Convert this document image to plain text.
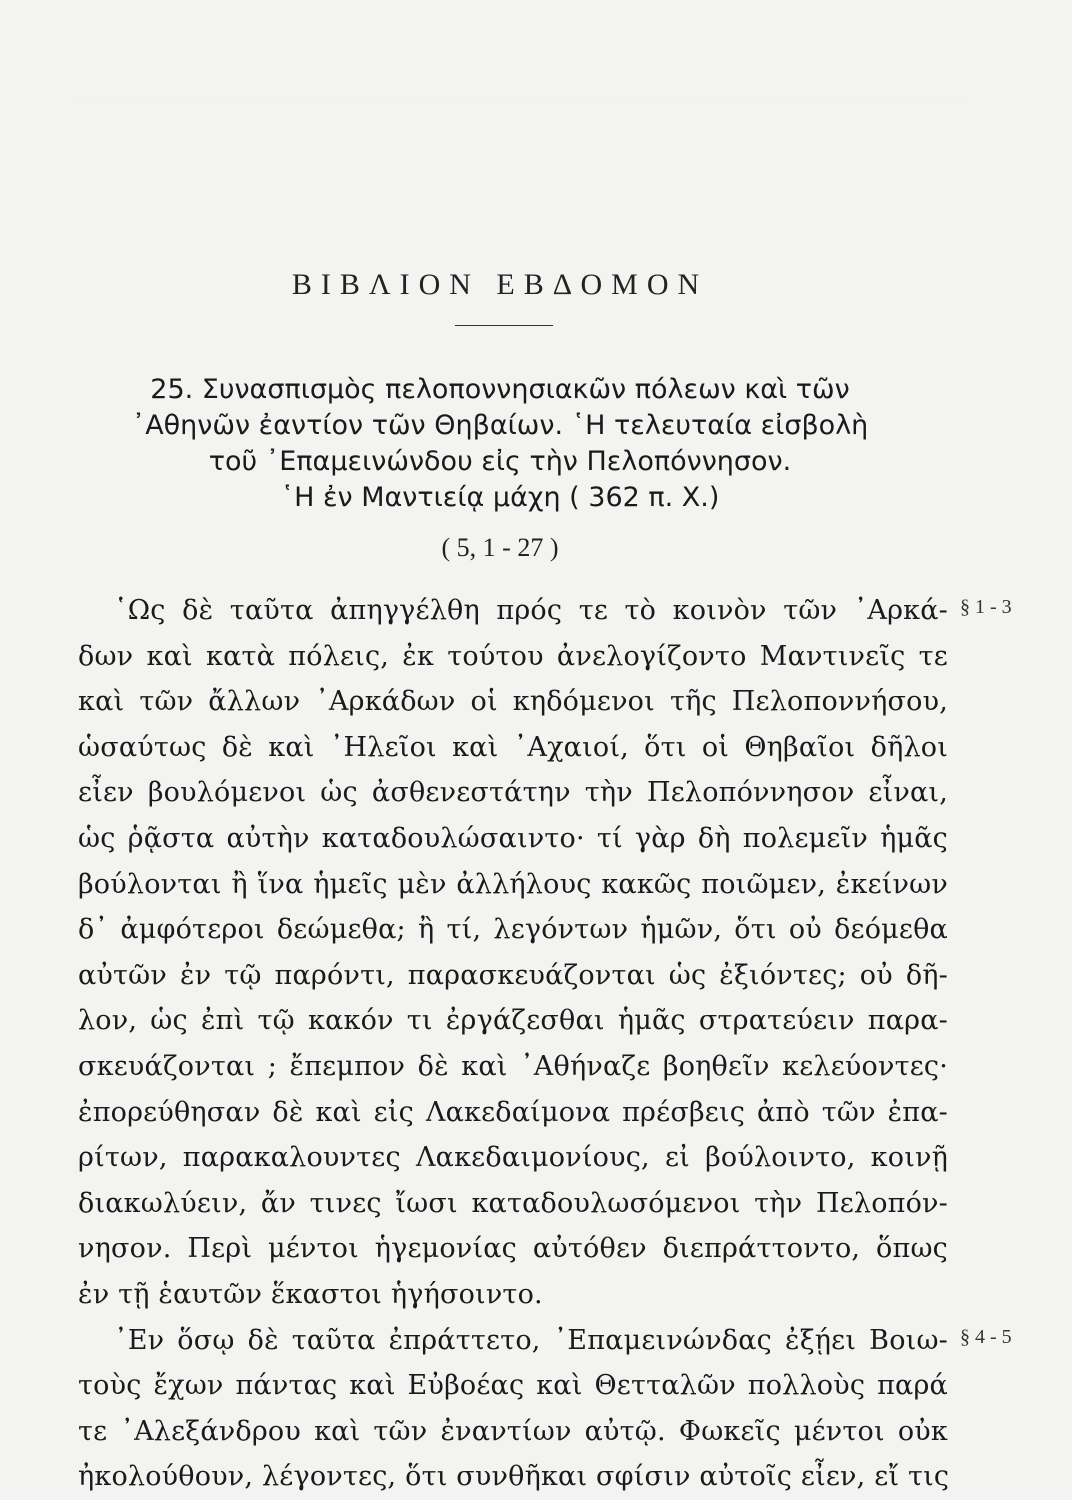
ΒΙΒΛΙΟΝ ΕΒΔΟΜΟΝ
25. Συνασπισμὸς πελοποννησιακῶν πόλεων καὶ τῶν
᾿Αθηνῶν ἐαντίον τῶν Θηβαίων. ῾Η τελευταία εἰσβολὴ
τοῦ ᾿Επαμεινώνδου εἰς τὴν Πελοπόννησον.
῾Η ἐν Μαντιείᾳ μάχη ( 362 π. Χ.)
( 5, 1 - 27 )
῾Ως δὲ ταῦτα ἀπηγγέλθη πρός τε τὸ κοινὸν τῶν ᾿Αρκά-
δων καὶ κατὰ πόλεις, ἐκ τούτου ἀνελογίζοντο Μαντινεῖς τε
καὶ τῶν ἄλλων ᾿Αρκάδων οἱ κηδόμενοι τῆς Πελοποννήσου,
ὡσαύτως δὲ καὶ ᾿Ηλεῖοι καὶ ᾿Αχαιοί, ὅτι οἱ Θηβαῖοι δῆλοι
εἶεν βουλόμενοι ὡς ἀσθενεστάτην τὴν Πελοπόννησον εἶναι,
ὡς ῥᾷστα αὐτὴν καταδουλώσαιντο· τί γὰρ δὴ πολεμεῖν ἡμᾶς
βούλονται ἢ ἵνα ἡμεῖς μὲν ἀλλήλους κακῶς ποιῶμεν, ἐκείνων
δ᾿ ἀμφότεροι δεώμεθα; ἢ τί, λεγόντων ἡμῶν, ὅτι οὐ δεόμεθα
αὐτῶν ἐν τῷ παρόντι, παρασκευάζονται ὡς ἐξιόντες; οὐ δῆ-
λον, ὡς ἐπὶ τῷ κακόν τι ἐργάζεσθαι ἡμᾶς στρατεύειν παρα-
σκευάζονται ; ἔπεμπον δὲ καὶ ᾿Αθήναζε βοηθεῖν κελεύοντες·
ἐπορεύθησαν δὲ καὶ εἰς Λακεδαίμονα πρέσβεις ἀπὸ τῶν ἐπα-
ρίτων, παρακαλουντες Λακεδαιμονίους, εἰ βούλοιντο, κοινῇ
διακωλύειν, ἄν τινες ἴωσι καταδουλωσόμενοι τὴν Πελοπόν-
νησον. Περὶ μέντοι ἡγεμονίας αὐτόθεν διεπράττοντο, ὅπως
ἐν τῇ ἑαυτῶν ἕκαστοι ἡγήσοιντο.
᾿Εν ὅσῳ δὲ ταῦτα ἐπράττετο, ᾿Επαμεινώνδας ἐξῄει Βοιω-
τοὺς ἔχων πάντας καὶ Εὐβοέας καὶ Θετταλῶν πολλοὺς παρά
τε ᾿Αλεξάνδρου καὶ τῶν ἐναντίων αὐτῷ. Φωκεῖς μέντοι οὐκ
ἠκολούθουν, λέγοντες, ὅτι συνθῆκαι σφίσιν αὐτοῖς εἶεν, εἴ τις
§ 1 - 3
§ 4 - 5
